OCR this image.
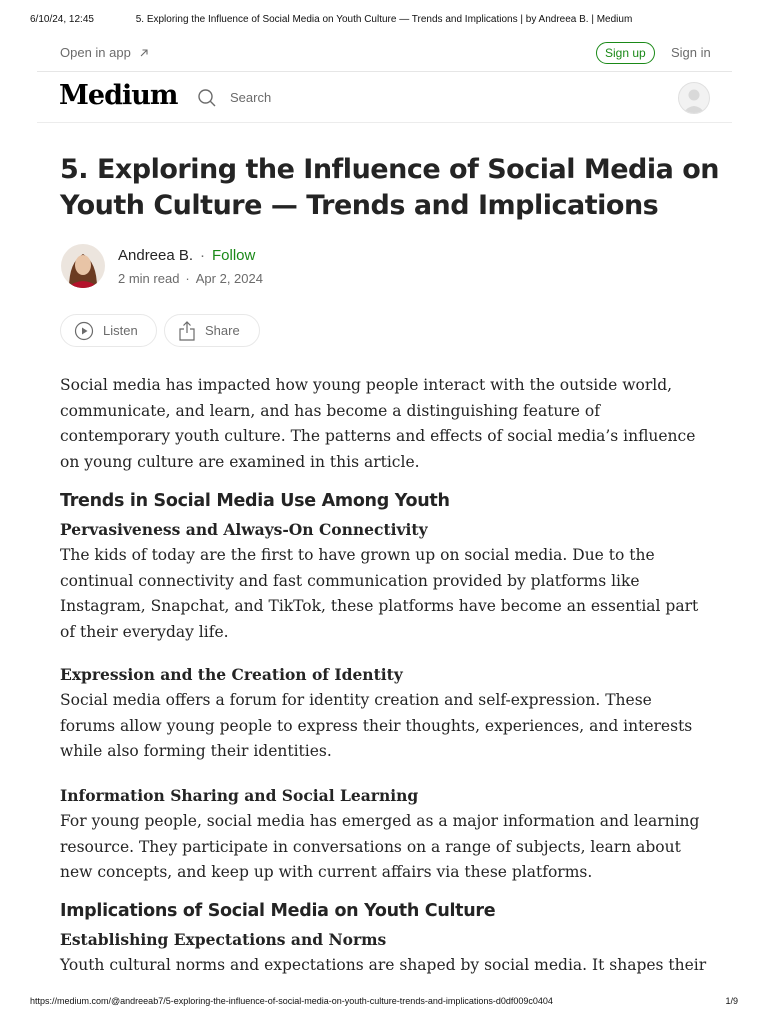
6/10/24, 12:45	5. Exploring the Influence of Social Media on Youth Culture — Trends and Implications | by Andreea B. | Medium
Open in app	Sign up	Sign in
Medium	Search
5. Exploring the Influence of Social Media on Youth Culture — Trends and Implications
Andreea B. · Follow
2 min read · Apr 2, 2024
Listen	Share

Social media has impacted how young people interact with the outside world, communicate, and learn, and has become a distinguishing feature of contemporary youth culture. The patterns and effects of social media’s influence on young culture are examined in this article.

Trends in Social Media Use Among Youth
Pervasiveness and Always-On Connectivity

The kids of today are the first to have grown up on social media. Due to the continual connectivity and fast communication provided by platforms like Instagram, Snapchat, and TikTok, these platforms have become an essential part of their everyday life.

Expression and the Creation of Identity

Social media offers a forum for identity creation and self-expression. These forums allow young people to express their thoughts, experiences, and interests while also forming their identities.

Information Sharing and Social Learning

For young people, social media has emerged as a major information and learning resource. They participate in conversations on a range of subjects, learn about new concepts, and keep up with current affairs via these platforms.

Implications of Social Media on Youth Culture
Establishing Expectations and Norms

Youth cultural norms and expectations are shaped by social media. It shapes their

https://medium.com/@andreeab7/5-exploring-the-influence-of-social-media-on-youth-culture-trends-and-implications-d0df009c0404	1/9
